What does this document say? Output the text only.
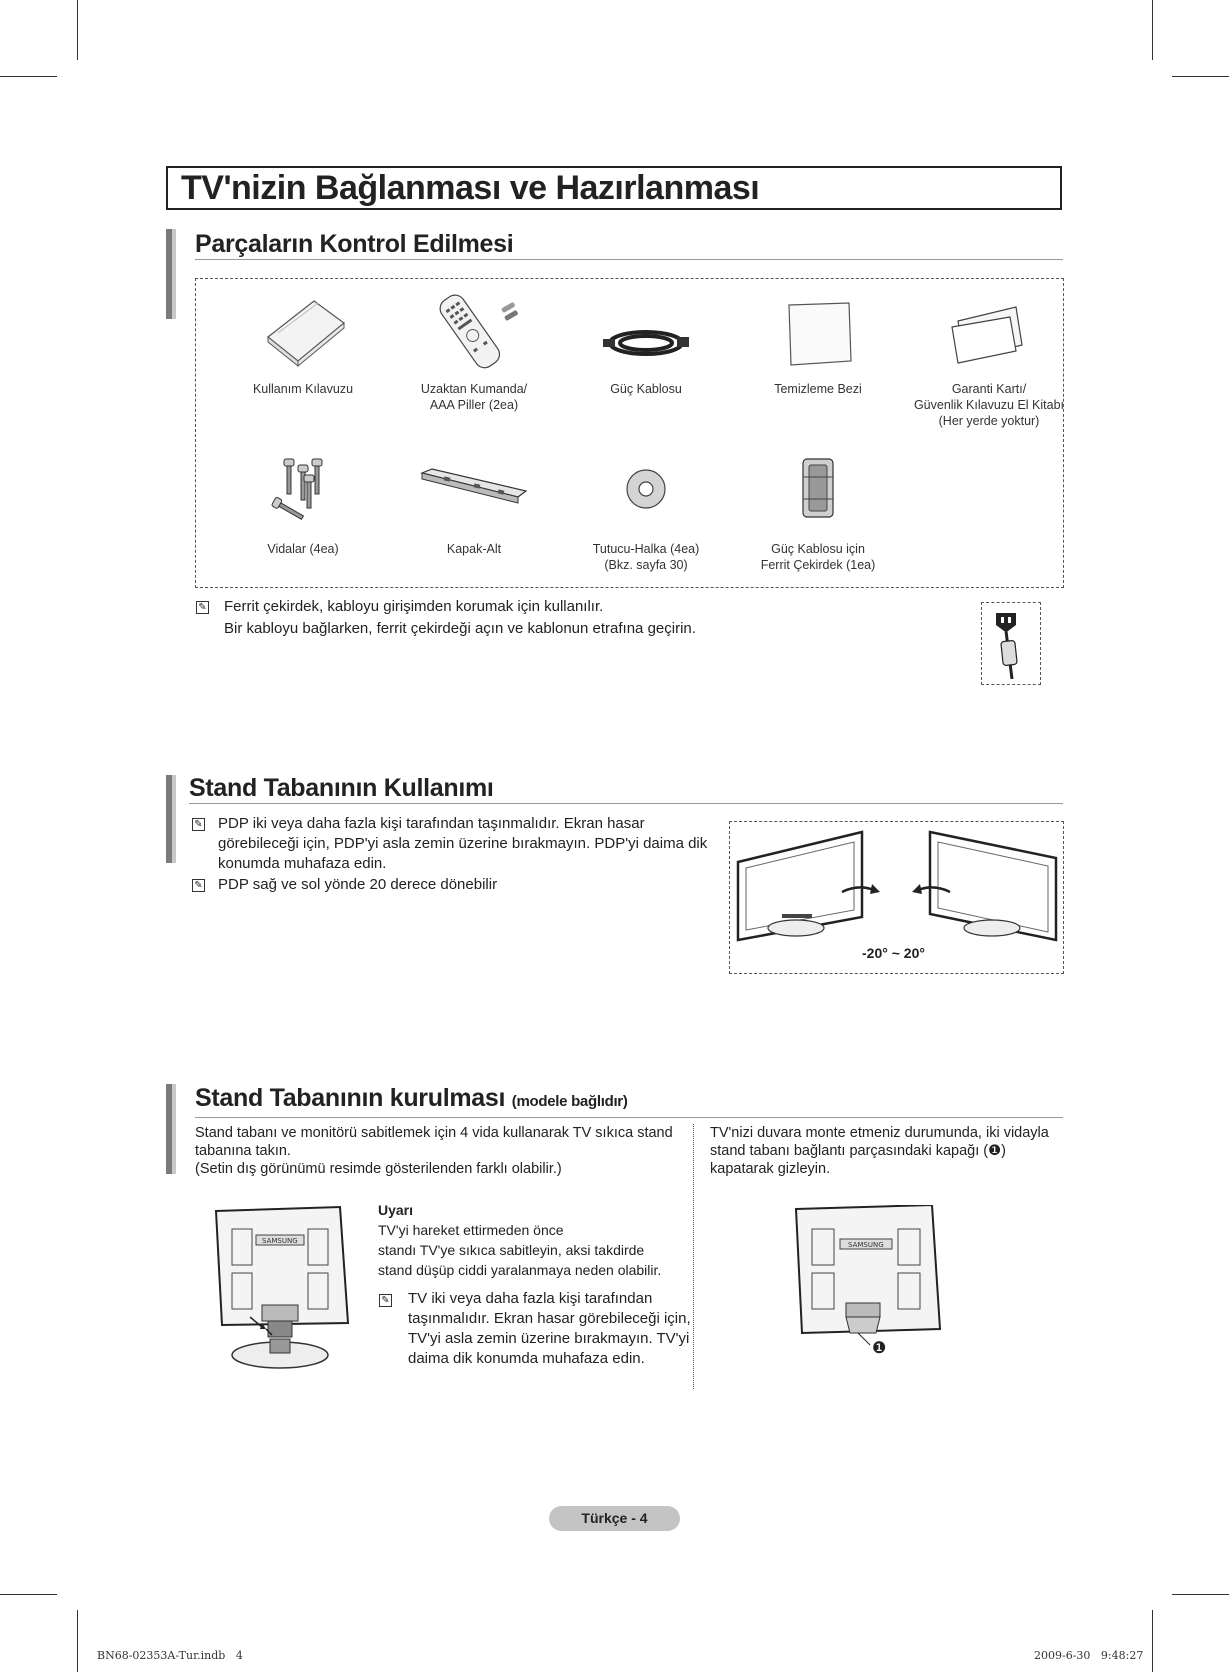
TV'nizin Bağlanması ve Hazırlanması
Parçaların Kontrol Edilmesi
Kullanım Kılavuzu	Uzaktan Kumanda/
AAA Piller (2ea)
Güç Kablosu	Temizleme Bezi	Garanti Kartı/
Güvenlik Kılavuzu El Kitabı
(Her yerde yoktur)
Vidalar (4ea)	Kapak-Alt	Tutucu-Halka (4ea)
(Bkz. sayfa 30)
Güç Kablosu için
Ferrit Çekirdek (1ea)
✎ Ferrit çekirdek, kabloyu girişimden korumak için kullanılır.
Bir kabloyu bağlarken, ferrit çekirdeği açın ve kablonun etrafına geçirin.
Stand Tabanının Kullanımı
✎ PDP iki veya daha fazla kişi tarafından taşınmalıdır. Ekran hasar görebileceği için, PDP'yi asla zemin üzerine bırakmayın. PDP'yi daima dik konumda muhafaza edin.
✎ PDP sağ ve sol yönde 20 derece dönebilir
-20° ~ 20°
Stand Tabanının kurulması (modele bağlıdır)
Stand tabanı ve monitörü sabitlemek için 4 vida kullanarak TV sıkıca stand tabanına takın.
(Setin dış görünümü resimde gösterilenden farklı olabilir.)
TV'nizi duvara monte etmeniz durumunda, iki vidayla stand tabanı bağlantı parçasındaki kapağı (❶) kapatarak gizleyin.
SAMSUNG
Uyarı
TV'yi hareket ettirmeden önce
standı TV'ye sıkıca sabitleyin, aksi takdirde
stand düşüp ciddi yaralanmaya neden olabilir.
✎ TV iki veya daha fazla kişi tarafından taşınmalıdır. Ekran hasar görebileceği için, TV'yi asla zemin üzerine bırakmayın. TV'yi daima dik konumda muhafaza edin.
SAMSUNG
❶
Türkçe - 4
BN68-02353A-Tur.indb   4	2009-6-30   9:48:27
